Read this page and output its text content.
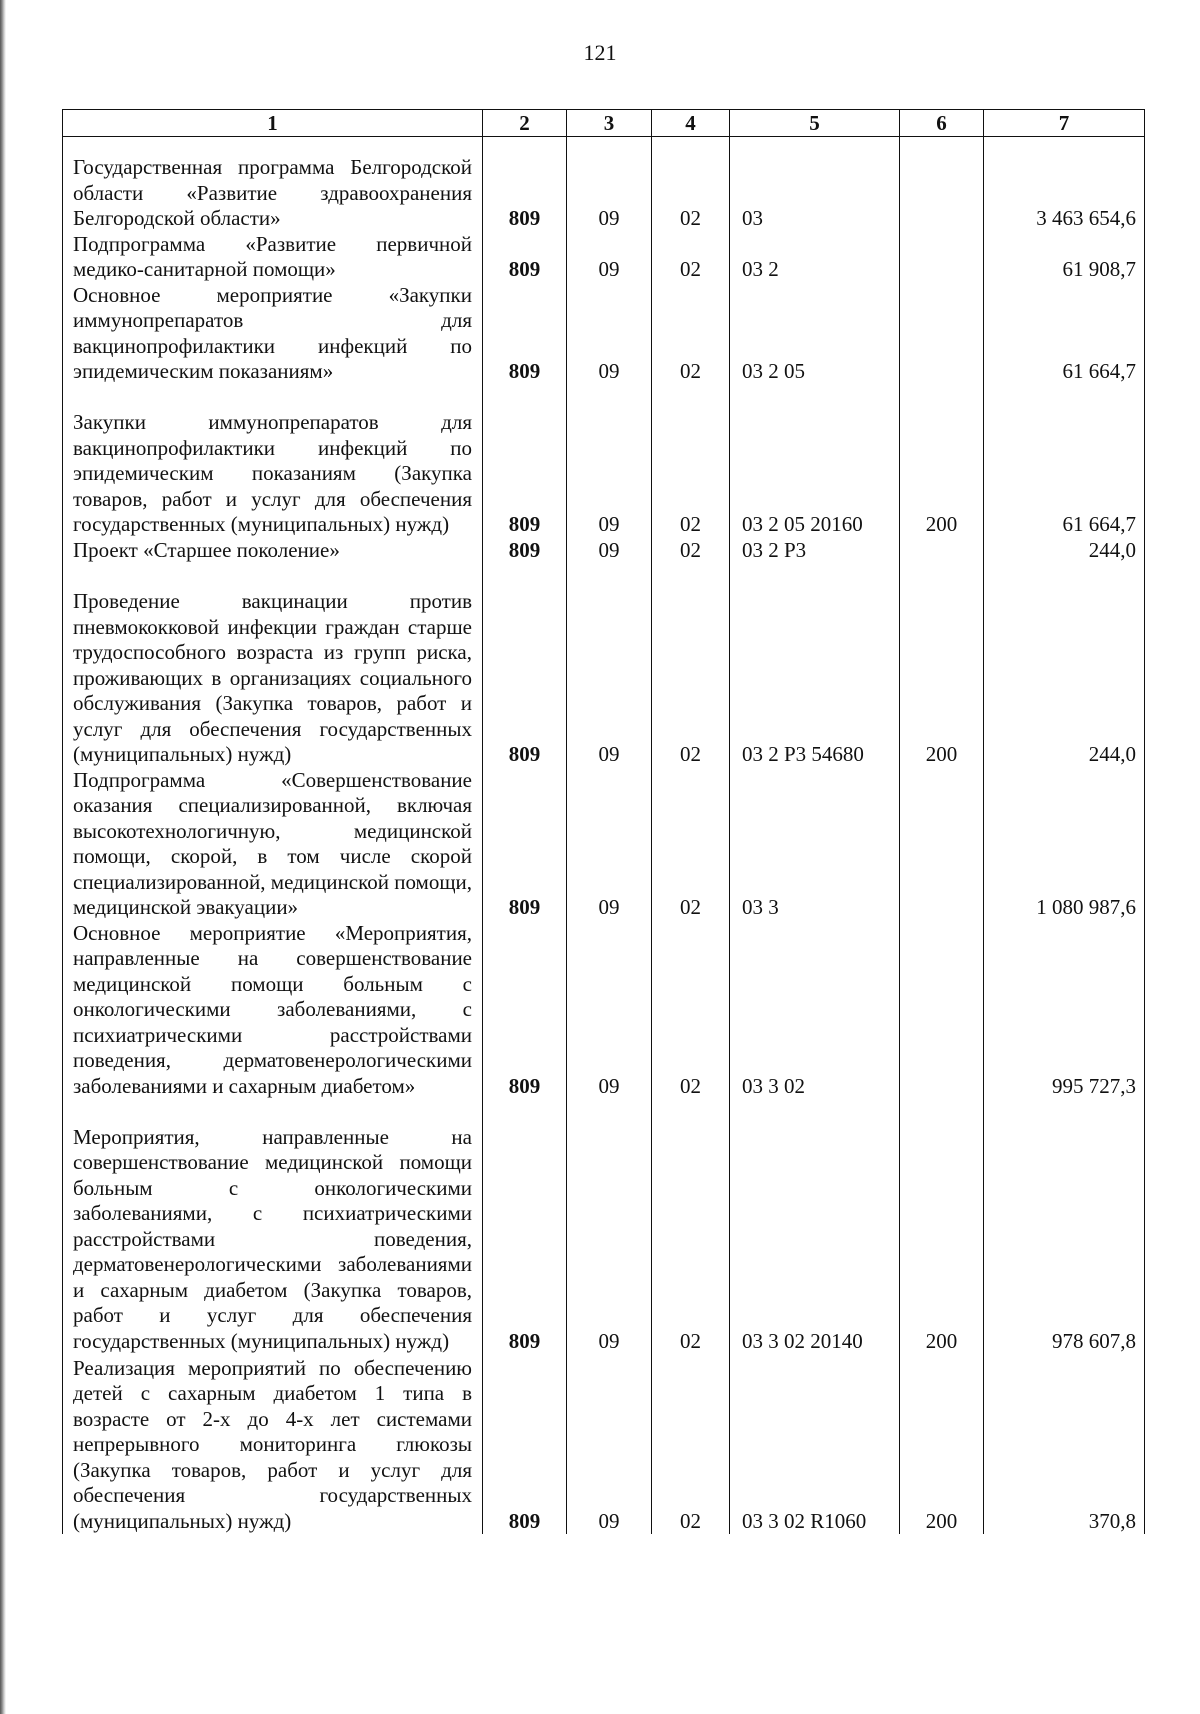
121
1	2	3	4	5	6	7
Государственная программа Белгородской области «Развитие здравоохранения Белгородской области»	809	09	02	03		3 463 654,6
Подпрограмма «Развитие первичной медико-санитарной помощи»	809	09	02	03 2		61 908,7
Основное мероприятие «Закупки иммунопрепаратов для вакцинопрофилактики инфекций по эпидемическим показаниям»	809	09	02	03 2 05		61 664,7
Закупки иммунопрепаратов для вакцинопрофилактики инфекций по эпидемическим показаниям (Закупка товаров, работ и услуг для обеспечения государственных (муниципальных) нужд)	809	09	02	03 2 05 20160	200	61 664,7
Проект «Старшее поколение»	809	09	02	03 2 P3		244,0
Проведение вакцинации против пневмококковой инфекции граждан старше трудоспособного возраста из групп риска, проживающих в организациях социального обслуживания (Закупка товаров, работ и услуг для обеспечения государственных (муниципальных) нужд)	809	09	02	03 2 P3 54680	200	244,0
Подпрограмма «Совершенствование оказания специализированной, включая высокотехнологичную, медицинской помощи, скорой, в том числе скорой специализированной, медицинской помощи, медицинской эвакуации»	809	09	02	03 3		1 080 987,6
Основное мероприятие «Мероприятия, направленные на совершенствование медицинской помощи больным с онкологическими заболеваниями, с психиатрическими расстройствами поведения, дерматовенерологическими заболеваниями и сахарным диабетом»	809	09	02	03 3 02		995 727,3
Мероприятия, направленные на совершенствование медицинской помощи больным с онкологическими заболеваниями, с психиатрическими расстройствами поведения, дерматовенерологическими заболеваниями и сахарным диабетом (Закупка товаров, работ и услуг для обеспечения государственных (муниципальных) нужд)	809	09	02	03 3 02 20140	200	978 607,8
Реализация мероприятий по обеспечению детей с сахарным диабетом 1 типа в возрасте от 2-х до 4-х лет системами непрерывного мониторинга глюкозы (Закупка товаров, работ и услуг для обеспечения государственных (муниципальных) нужд)	809	09	02	03 3 02 R1060	200	370,8
